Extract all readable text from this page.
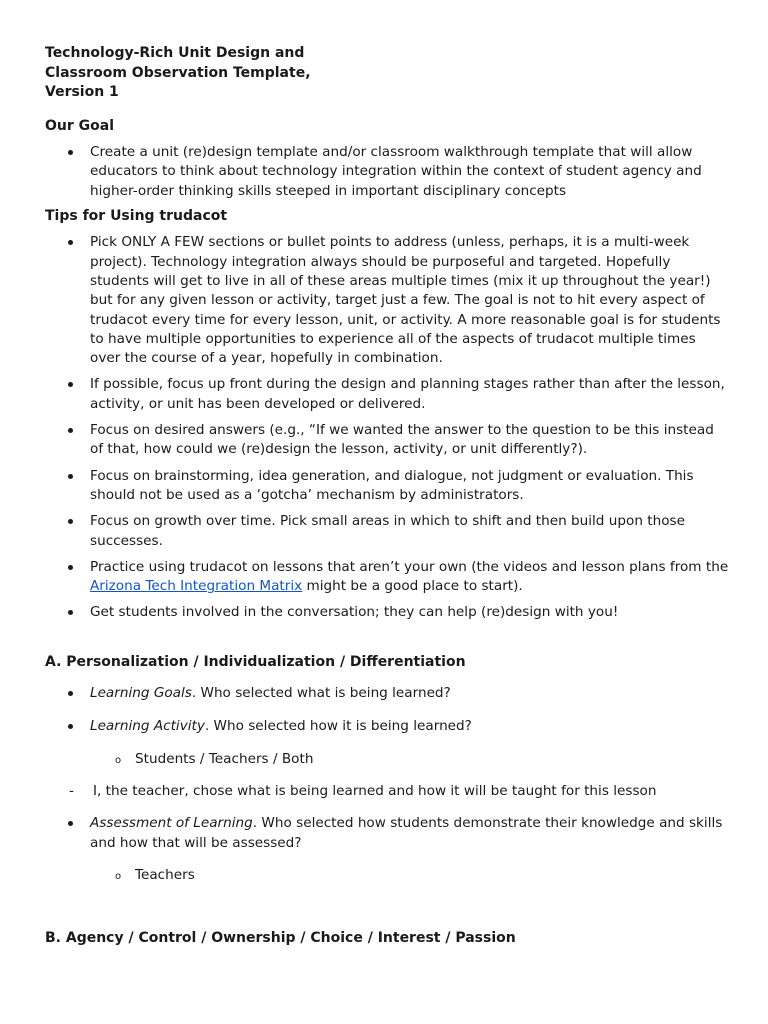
Technology-Rich Unit Design and
Classroom Observation Template,
Version 1
Our Goal
Create a unit (re)design template and/or classroom walkthrough template that will allow educators to think about technology integration within the context of student agency and higher-order thinking skills steeped in important disciplinary concepts
Tips for Using trudacot
Pick ONLY A FEW sections or bullet points to address (unless, perhaps, it is a multi-week project). Technology integration always should be purposeful and targeted. Hopefully students will get to live in all of these areas multiple times (mix it up throughout the year!) but for any given lesson or activity, target just a few. The goal is not to hit every aspect of trudacot every time for every lesson, unit, or activity. A more reasonable goal is for students to have multiple opportunities to experience all of the aspects of trudacot multiple times over the course of a year, hopefully in combination.
If possible, focus up front during the design and planning stages rather than after the lesson, activity, or unit has been developed or delivered.
Focus on desired answers (e.g., “If we wanted the answer to the question to be this instead of that, how could we (re)design the lesson, activity, or unit differently?).
Focus on brainstorming, idea generation, and dialogue, not judgment or evaluation. This should not be used as a ‘gotcha’ mechanism by administrators.
Focus on growth over time. Pick small areas in which to shift and then build upon those successes.
Practice using trudacot on lessons that aren’t your own (the videos and lesson plans from the Arizona Tech Integration Matrix might be a good place to start).
Get students involved in the conversation; they can help (re)design with you!
A. Personalization / Individualization / Differentiation
Learning Goals. Who selected what is being learned?
Learning Activity. Who selected how it is being learned?
o Students / Teachers / Both
- I, the teacher, chose what is being learned and how it will be taught for this lesson
Assessment of Learning. Who selected how students demonstrate their knowledge and skills and how that will be assessed?
o Teachers
B. Agency / Control / Ownership / Choice / Interest / Passion
